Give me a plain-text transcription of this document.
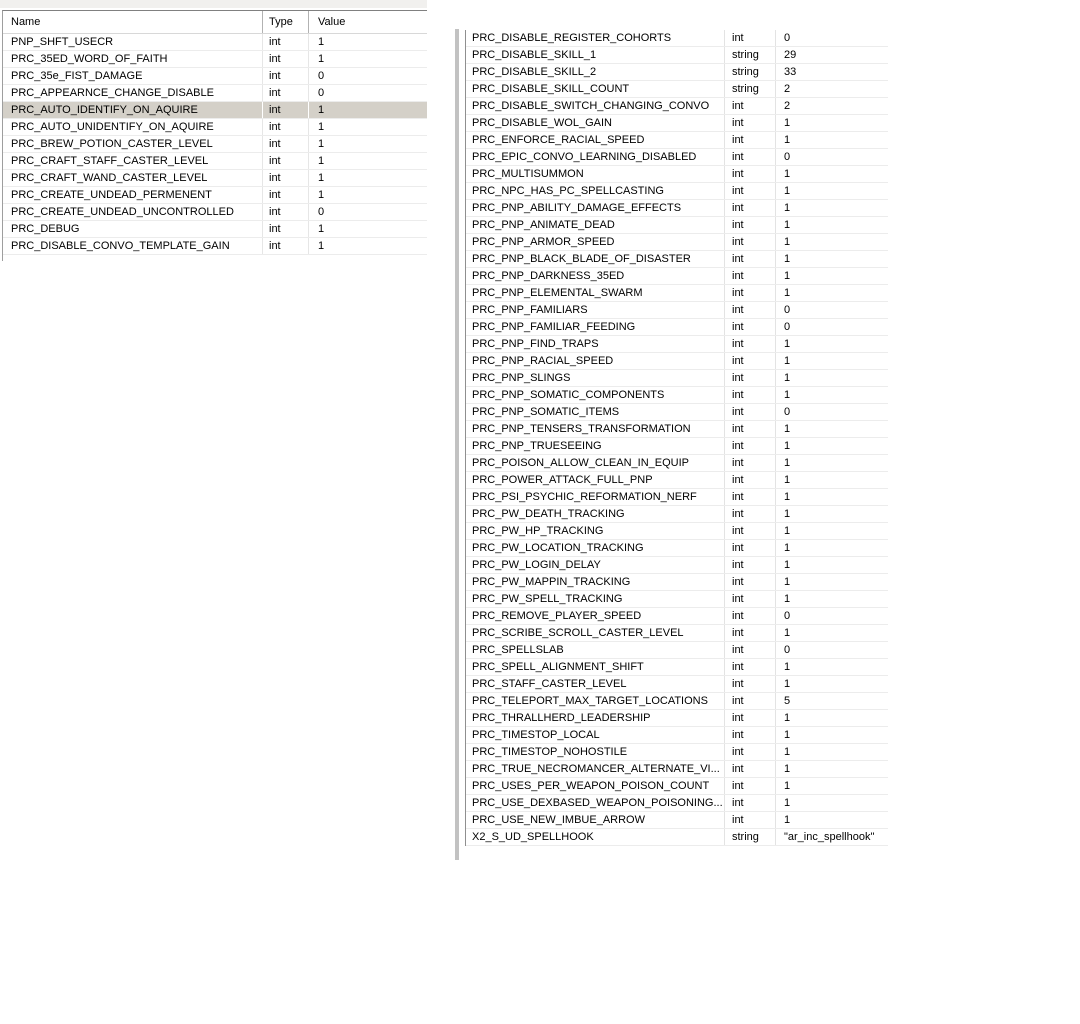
Name	Type	Value
PNP_SHFT_USECR	int	1
PRC_35ED_WORD_OF_FAITH	int	1
PRC_35e_FIST_DAMAGE	int	0
PRC_APPEARNCE_CHANGE_DISABLE	int	0
PRC_AUTO_IDENTIFY_ON_AQUIRE	int	1
PRC_AUTO_UNIDENTIFY_ON_AQUIRE	int	1
PRC_BREW_POTION_CASTER_LEVEL	int	1
PRC_CRAFT_STAFF_CASTER_LEVEL	int	1
PRC_CRAFT_WAND_CASTER_LEVEL	int	1
PRC_CREATE_UNDEAD_PERMENENT	int	1
PRC_CREATE_UNDEAD_UNCONTROLLED	int	0
PRC_DEBUG	int	1
PRC_DISABLE_CONVO_TEMPLATE_GAIN	int	1
PRC_DISABLE_REGISTER_COHORTS	int	0
PRC_DISABLE_SKILL_1	string	29
PRC_DISABLE_SKILL_2	string	33
PRC_DISABLE_SKILL_COUNT	string	2
PRC_DISABLE_SWITCH_CHANGING_CONVO	int	2
PRC_DISABLE_WOL_GAIN	int	1
PRC_ENFORCE_RACIAL_SPEED	int	1
PRC_EPIC_CONVO_LEARNING_DISABLED	int	0
PRC_MULTISUMMON	int	1
PRC_NPC_HAS_PC_SPELLCASTING	int	1
PRC_PNP_ABILITY_DAMAGE_EFFECTS	int	1
PRC_PNP_ANIMATE_DEAD	int	1
PRC_PNP_ARMOR_SPEED	int	1
PRC_PNP_BLACK_BLADE_OF_DISASTER	int	1
PRC_PNP_DARKNESS_35ED	int	1
PRC_PNP_ELEMENTAL_SWARM	int	1
PRC_PNP_FAMILIARS	int	0
PRC_PNP_FAMILIAR_FEEDING	int	0
PRC_PNP_FIND_TRAPS	int	1
PRC_PNP_RACIAL_SPEED	int	1
PRC_PNP_SLINGS	int	1
PRC_PNP_SOMATIC_COMPONENTS	int	1
PRC_PNP_SOMATIC_ITEMS	int	0
PRC_PNP_TENSERS_TRANSFORMATION	int	1
PRC_PNP_TRUESEEING	int	1
PRC_POISON_ALLOW_CLEAN_IN_EQUIP	int	1
PRC_POWER_ATTACK_FULL_PNP	int	1
PRC_PSI_PSYCHIC_REFORMATION_NERF	int	1
PRC_PW_DEATH_TRACKING	int	1
PRC_PW_HP_TRACKING	int	1
PRC_PW_LOCATION_TRACKING	int	1
PRC_PW_LOGIN_DELAY	int	1
PRC_PW_MAPPIN_TRACKING	int	1
PRC_PW_SPELL_TRACKING	int	1
PRC_REMOVE_PLAYER_SPEED	int	0
PRC_SCRIBE_SCROLL_CASTER_LEVEL	int	1
PRC_SPELLSLAB	int	0
PRC_SPELL_ALIGNMENT_SHIFT	int	1
PRC_STAFF_CASTER_LEVEL	int	1
PRC_TELEPORT_MAX_TARGET_LOCATIONS	int	5
PRC_THRALLHERD_LEADERSHIP	int	1
PRC_TIMESTOP_LOCAL	int	1
PRC_TIMESTOP_NOHOSTILE	int	1
PRC_TRUE_NECROMANCER_ALTERNATE_VI...	int	1
PRC_USES_PER_WEAPON_POISON_COUNT	int	1
PRC_USE_DEXBASED_WEAPON_POISONING... int	1
PRC_USE_NEW_IMBUE_ARROW	int	1
X2_S_UD_SPELLHOOK	string	"ar_inc_spellhook"
